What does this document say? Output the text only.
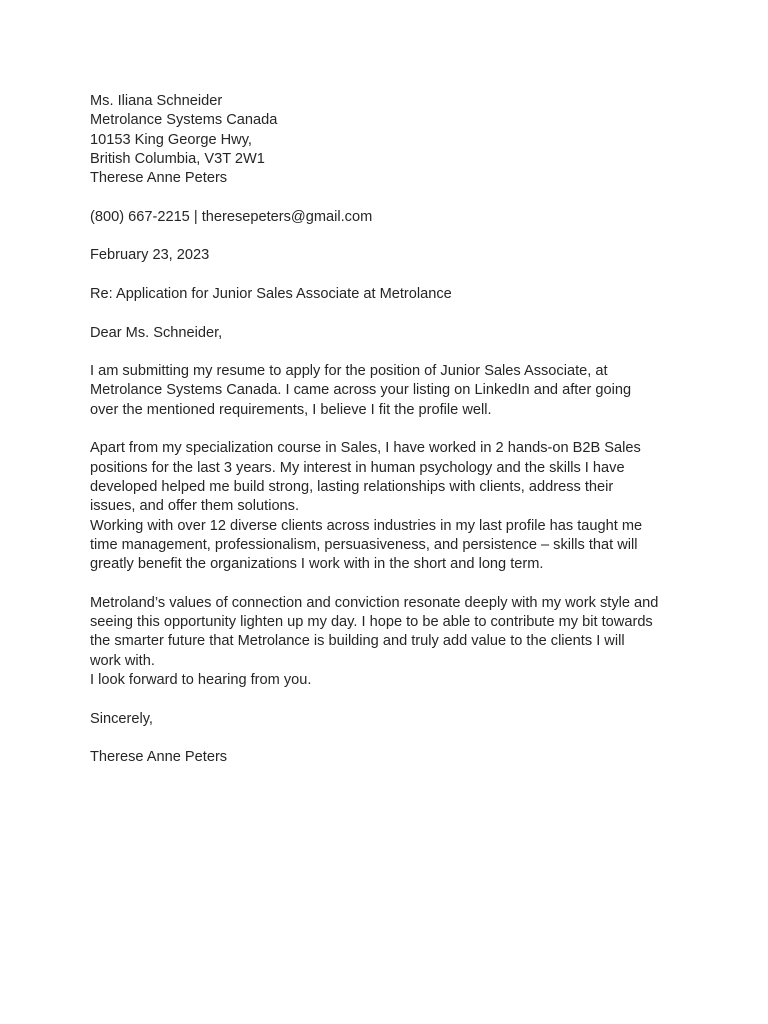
Ms. Iliana Schneider
Metrolance Systems Canada
10153 King George Hwy,
British Columbia, V3T 2W1
Therese Anne Peters
(800) 667-2215 | theresepeters@gmail.com
February 23, 2023
Re: Application for Junior Sales Associate at Metrolance
Dear Ms. Schneider,
I am submitting my resume to apply for the position of Junior Sales Associate, at
Metrolance Systems Canada. I came across your listing on LinkedIn and after going
over the mentioned requirements, I believe I fit the profile well.
Apart from my specialization course in Sales, I have worked in 2 hands-on B2B Sales
positions for the last 3 years. My interest in human psychology and the skills I have
developed helped me build strong, lasting relationships with clients, address their
issues, and offer them solutions.
Working with over 12 diverse clients across industries in my last profile has taught me
time management, professionalism, persuasiveness, and persistence – skills that will
greatly benefit the organizations I work with in the short and long term.
Metroland’s values of connection and conviction resonate deeply with my work style and
seeing this opportunity lighten up my day. I hope to be able to contribute my bit towards
the smarter future that Metrolance is building and truly add value to the clients I will
work with.
I look forward to hearing from you.
Sincerely,
Therese Anne Peters
